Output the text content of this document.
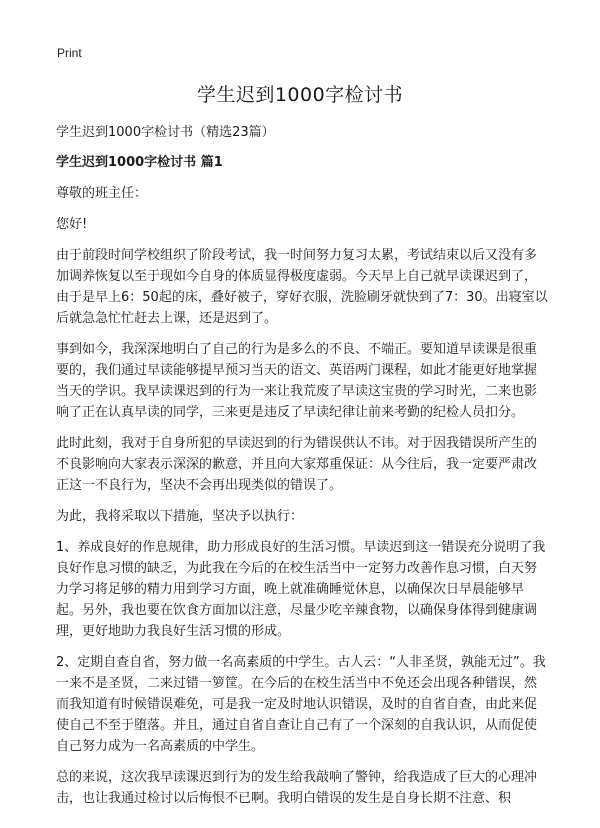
Print
学生迟到1000字检讨书

学生迟到1000字检讨书（精选23篇）

学生迟到1000字检讨书 篇1

尊敬的班主任：

您好!

由于前段时间学校组织了阶段考试，我一时间努力复习太累，考试结束以后又没有多加调养恢复以至于现如今自身的体质显得极度虚弱。今天早上自己就早读课迟到了，由于是早上6：50起的床，叠好被子，穿好衣服，洗脸刷牙就快到了7：30。出寝室以后就急急忙忙赶去上课，还是迟到了。

事到如今，我深深地明白了自己的行为是多么的不良、不端正。要知道早读课是很重要的，我们通过早读能够提早预习当天的语文、英语两门课程，如此才能更好地掌握当天的学识。我早读课迟到的行为一来让我荒废了早读这宝贵的学习时光，二来也影响了正在认真早读的同学，三来更是违反了早读纪律让前来考勤的纪检人员扣分。

此时此刻，我对于自身所犯的早读迟到的行为错误供认不讳。对于因我错误所产生的不良影响向大家表示深深的歉意，并且向大家郑重保证：从今往后，我一定要严肃改正这一不良行为，坚决不会再出现类似的错误了。

为此，我将采取以下措施，坚决予以执行：

1、养成良好的作息规律，助力形成良好的生活习惯。早读迟到这一错误充分说明了我良好作息习惯的缺乏，为此我在今后的在校生活当中一定努力改善作息习惯，白天努力学习将足够的精力用到学习方面，晚上就准确睡觉休息，以确保次日早晨能够早起。另外，我也要在饮食方面加以注意，尽量少吃辛辣食物，以确保身体得到健康调理，更好地助力我良好生活习惯的形成。

2、定期自查自省，努力做一名高素质的中学生。古人云：“人非圣贤，孰能无过”。我一来不是圣贤，二来过错一箩筐。在今后的在校生活当中不免还会出现各种错误，然而我知道有时候错误难免，可是我一定及时地认识错误，及时的自省自查，由此来促使自己不至于堕落。并且，通过自省自查让自己有了一个深刻的自我认识，从而促使自己努力成为一名高素质的中学生。

总的来说，这次我早读课迟到行为的发生给我敲响了警钟，给我造成了巨大的心理冲击，也让我通过检讨以后悔恨不已啊。我明白错误的发生是自身长期不注意、积
